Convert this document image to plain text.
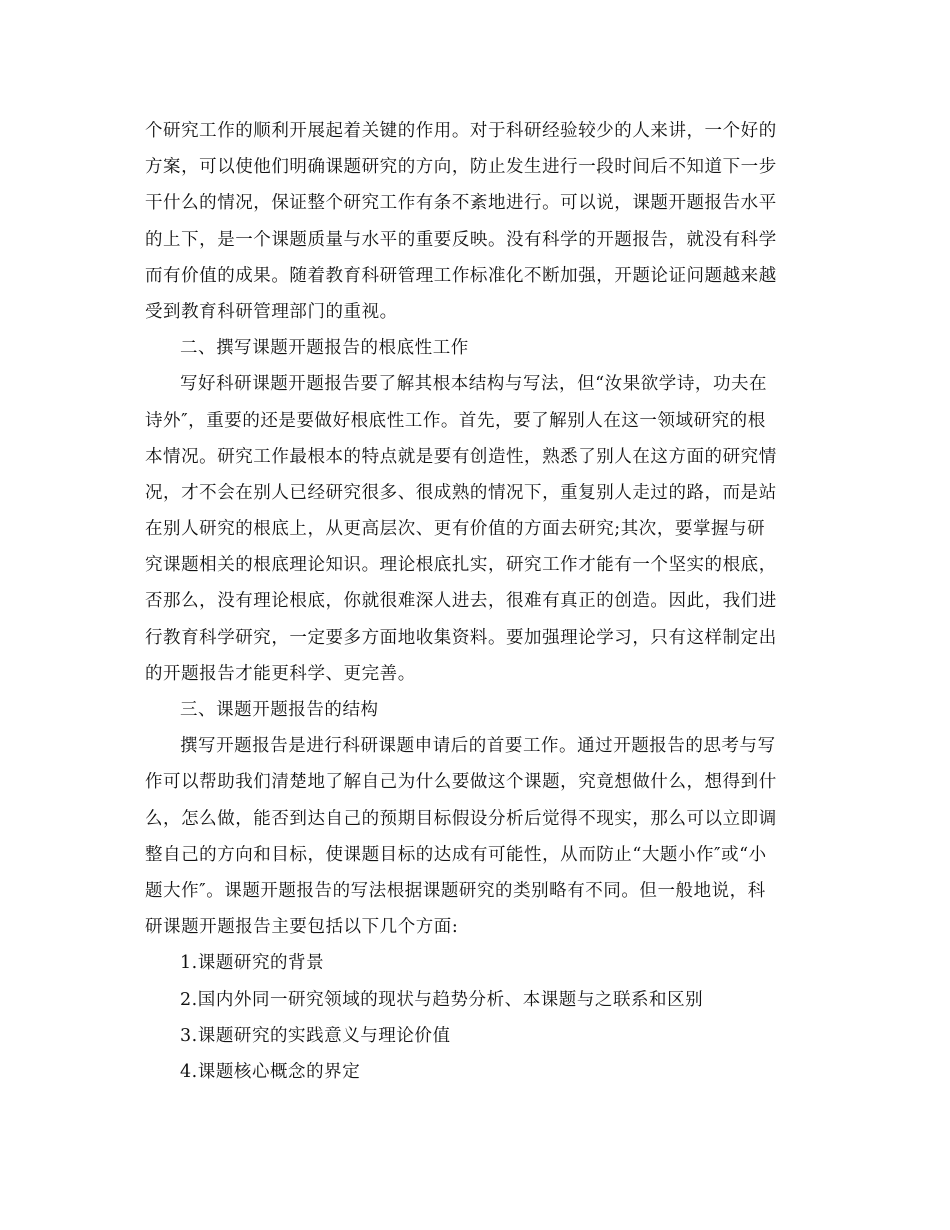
个研究工作的顺利开展起着关键的作用。对于科研经验较少的人来讲，一个好的
方案，可以使他们明确课题研究的方向，防止发生进行一段时间后不知道下一步
干什么的情况，保证整个研究工作有条不紊地进行。可以说，课题开题报告水平
的上下，是一个课题质量与水平的重要反映。没有科学的开题报告，就没有科学
而有价值的成果。随着教育科研管理工作标准化不断加强，开题论证问题越来越
受到教育科研管理部门的重视。
二、撰写课题开题报告的根底性工作
写好科研课题开题报告要了解其根本结构与写法，但“汝果欲学诗，功夫在
诗外″，重要的还是要做好根底性工作。首先，要了解别人在这一领域研究的根
本情况。研究工作最根本的特点就是要有创造性，熟悉了别人在这方面的研究情
况，才不会在别人已经研究很多、很成熟的情况下，重复别人走过的路，而是站
在别人研究的根底上，从更高层次、更有价值的方面去研究;其次，要掌握与研
究课题相关的根底理论知识。理论根底扎实，研究工作才能有一个坚实的根底，
否那么，没有理论根底，你就很难深人进去，很难有真正的创造。因此，我们进
行教育科学研究，一定要多方面地收集资料。要加强理论学习，只有这样制定出
的开题报告才能更科学、更完善。
三、课题开题报告的结构
撰写开题报告是进行科研课题申请后的首要工作。通过开题报告的思考与写
作可以帮助我们清楚地了解自己为什么要做这个课题，究竟想做什么，想得到什
么，怎么做，能否到达自己的预期目标假设分析后觉得不现实，那么可以立即调
整自己的方向和目标，使课题目标的达成有可能性，从而防止“大题小作″或“小
题大作″。课题开题报告的写法根据课题研究的类别略有不同。但一般地说，科
研课题开题报告主要包括以下几个方面:
1.课题研究的背景
2.国内外同一研究领域的现状与趋势分析、本课题与之联系和区别
3.课题研究的实践意义与理论价值
4.课题核心概念的界定
